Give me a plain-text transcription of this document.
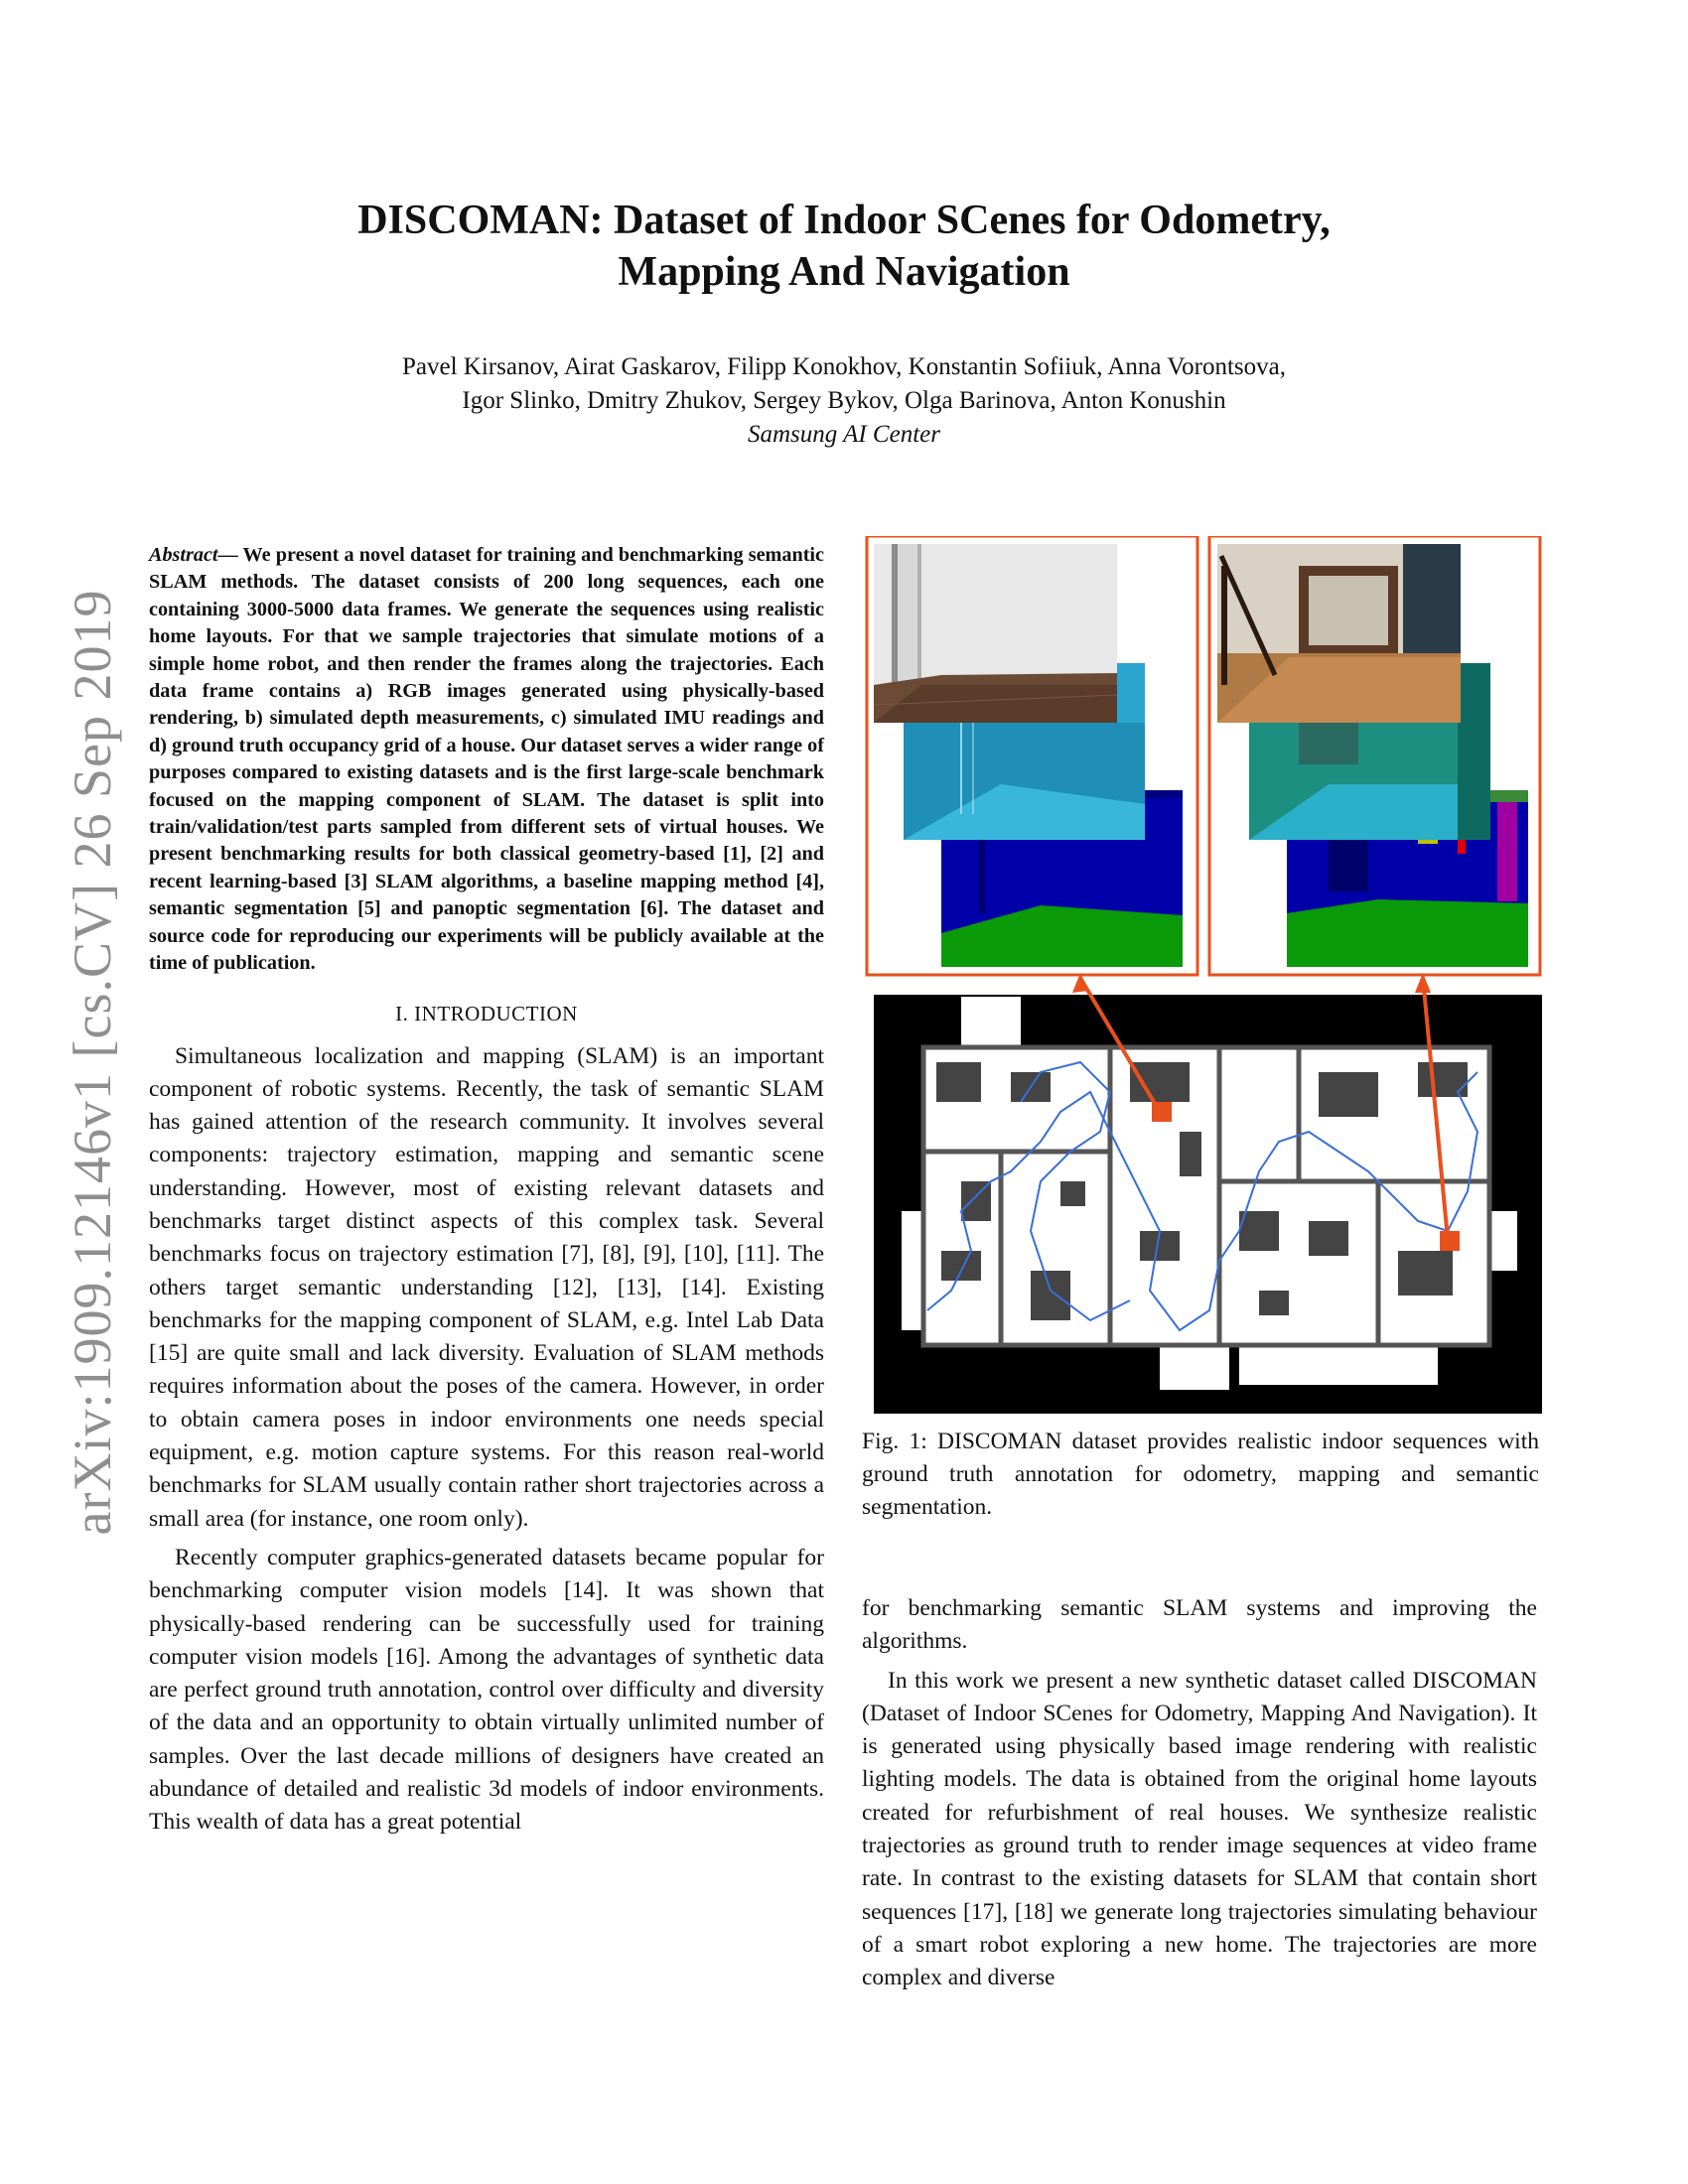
arXiv:1909.12146v1 [cs.CV] 26 Sep 2019
DISCOMAN: Dataset of Indoor SCenes for Odometry,
Mapping And Navigation
Pavel Kirsanov, Airat Gaskarov, Filipp Konokhov, Konstantin Sofiiuk, Anna Vorontsova,
Igor Slinko, Dmitry Zhukov, Sergey Bykov, Olga Barinova, Anton Konushin
Samsung AI Center

Abstract— We present a novel dataset for training and benchmarking semantic SLAM methods. The dataset consists of 200 long sequences, each one containing 3000-5000 data frames. We generate the sequences using realistic home layouts. For that we sample trajectories that simulate motions of a simple home robot, and then render the frames along the trajectories. Each data frame contains a) RGB images generated using physically-based rendering, b) simulated depth measurements, c) simulated IMU readings and d) ground truth occupancy grid of a house. Our dataset serves a wider range of purposes compared to existing datasets and is the first large-scale benchmark focused on the mapping component of SLAM. The dataset is split into train/validation/test parts sampled from different sets of virtual houses. We present benchmarking results for both classical geometry-based [1], [2] and recent learning-based [3] SLAM algorithms, a baseline mapping method [4], semantic segmentation [5] and panoptic segmentation [6]. The dataset and source code for reproducing our experiments will be publicly available at the time of publication.

I. INTRODUCTION

Simultaneous localization and mapping (SLAM) is an important component of robotic systems. Recently, the task of semantic SLAM has gained attention of the research community. It involves several components: trajectory estimation, mapping and semantic scene understanding. However, most of existing relevant datasets and benchmarks target distinct aspects of this complex task. Several benchmarks focus on trajectory estimation [7], [8], [9], [10], [11]. The others target semantic understanding [12], [13], [14]. Existing benchmarks for the mapping component of SLAM, e.g. Intel Lab Data [15] are quite small and lack diversity. Evaluation of SLAM methods requires information about the poses of the camera. However, in order to obtain camera poses in indoor environments one needs special equipment, e.g. motion capture systems. For this reason real-world benchmarks for SLAM usually contain rather short trajectories across a small area (for instance, one room only).

Recently computer graphics-generated datasets became popular for benchmarking computer vision models [14]. It was shown that physically-based rendering can be successfully used for training computer vision models [16]. Among the advantages of synthetic data are perfect ground truth annotation, control over difficulty and diversity of the data and an opportunity to obtain virtually unlimited number of samples. Over the last decade millions of designers have created an abundance of detailed and realistic 3d models of indoor environments. This wealth of data has a great potential

Fig. 1: DISCOMAN dataset provides realistic indoor sequences with ground truth annotation for odometry, mapping and semantic segmentation.

for benchmarking semantic SLAM systems and improving the algorithms.

In this work we present a new synthetic dataset called DISCOMAN (Dataset of Indoor SCenes for Odometry, Mapping And Navigation). It is generated using physically based image rendering with realistic lighting models. The data is obtained from the original home layouts created for refurbishment of real houses. We synthesize realistic trajectories as ground truth to render image sequences at video frame rate. In contrast to the existing datasets for SLAM that contain short sequences [17], [18] we generate long trajectories simulating behaviour of a smart robot exploring a new home. The trajectories are more complex and diverse
